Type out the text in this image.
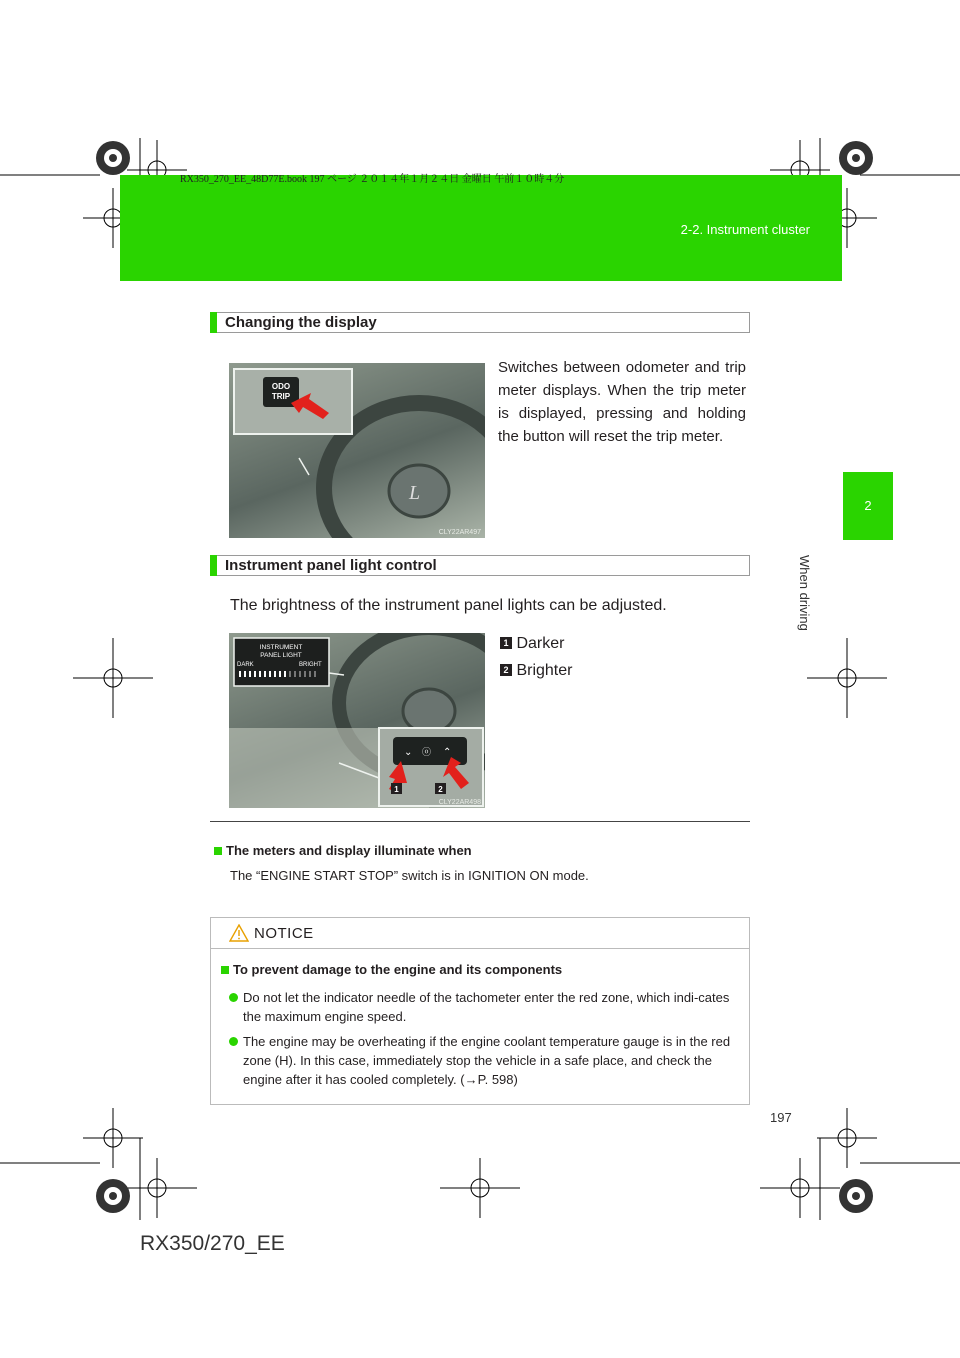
RX350_270_EE_48D77E.book 197 ページ ２０１４年１月２４日 金曜日 午前１０時４分
2-2. Instrument cluster
2
When driving
Changing the display
L
ODO
TRIP
CLY22AR497
Switches between odometer and trip meter displays. When the trip meter is displayed, pressing and holding the button will reset the trip meter.
Instrument panel light control
The brightness of the instrument panel lights can be adjusted.
INSTRUMENT
PANEL LIGHT
DARK	BRIGHT
⌄ ⓞ ⌃
1	2
CLY22AR498
1 Darker
2 Brighter
The meters and display illuminate when
The “ENGINE START STOP” switch is in IGNITION ON mode.
NOTICE
To prevent damage to the engine and its components
Do not let the indicator needle of the tachometer enter the red zone, which indi-cates the maximum engine speed.
The engine may be overheating if the engine coolant temperature gauge is in the red zone (H). In this case, immediately stop the vehicle in a safe place, and check the engine after it has cooled completely. (→P. 598)
197
RX350/270_EE
